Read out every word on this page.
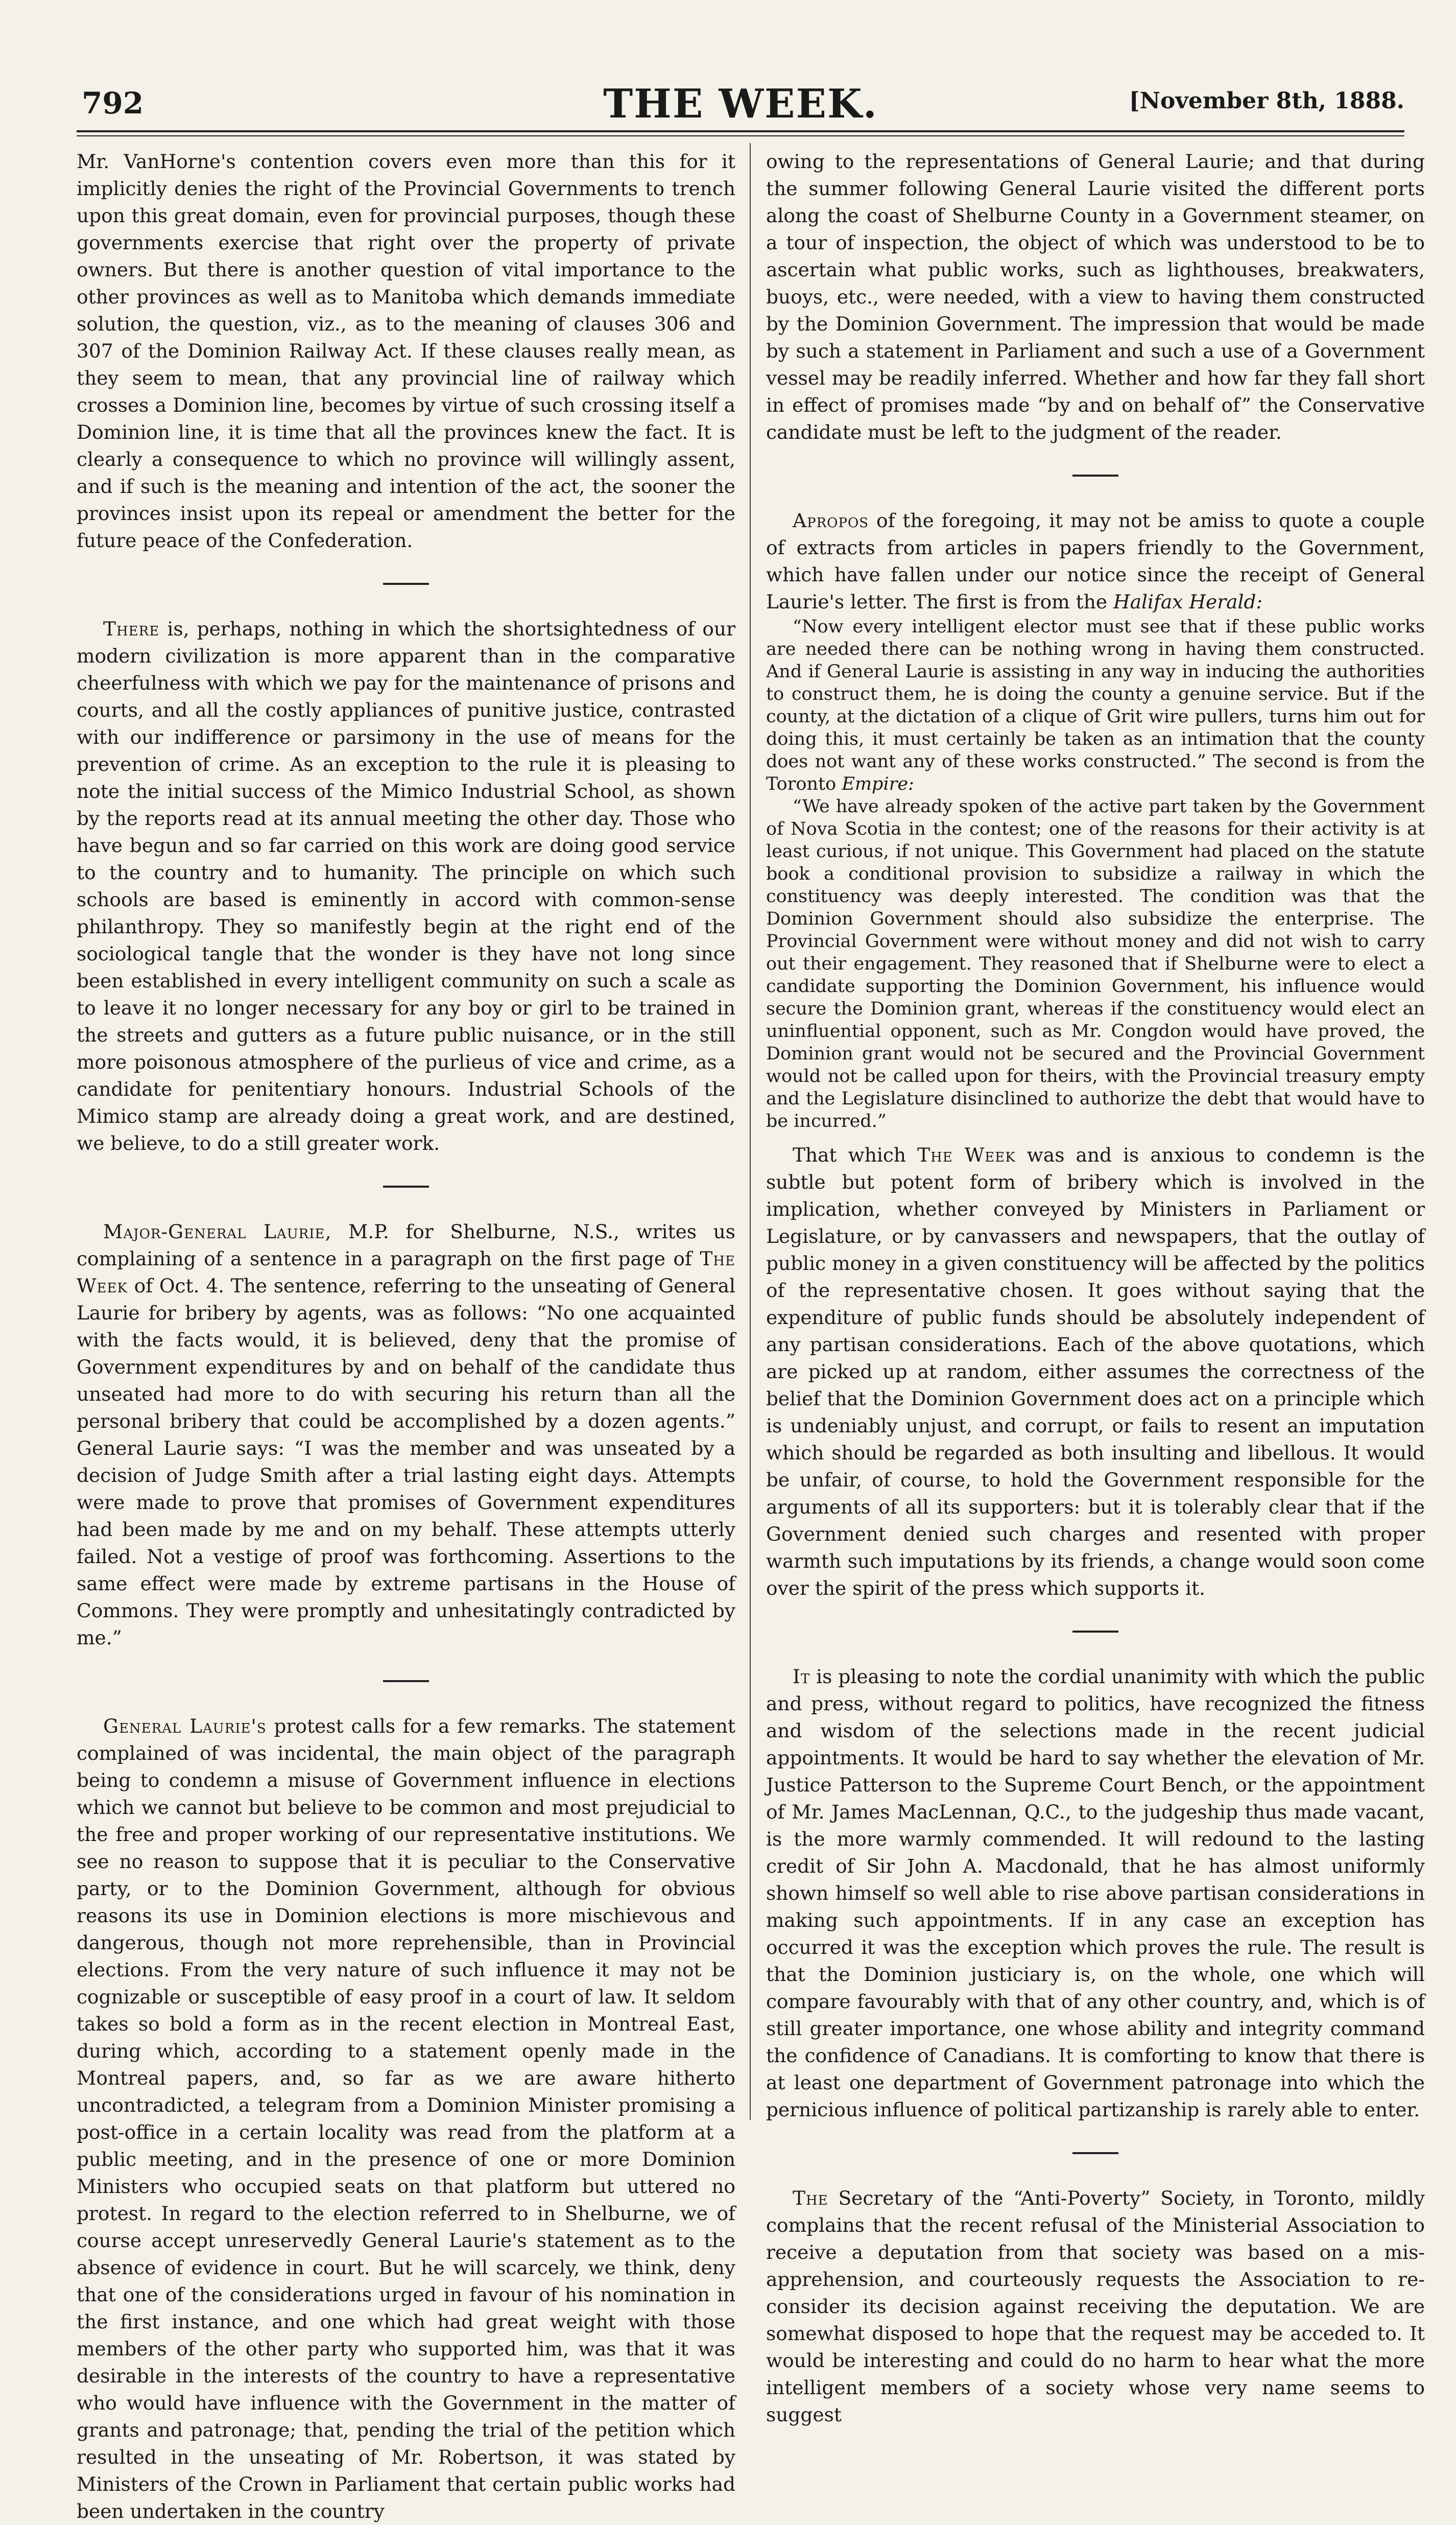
792	THE WEEK.	[November 8th, 1888.

Mr. VanHorne's contention covers even more than this for it implicitly denies the right of the Provincial Governments to trench upon this great domain, even for provincial purposes, though these governments exercise that right over the property of private owners. But there is another question of vital importance to the other provinces as well as to Manitoba which demands immediate solution, the question, viz., as to the meaning of clauses 306 and 307 of the Dominion Railway Act. If these clauses really mean, as they seem to mean, that any provincial line of railway which crosses a Dominion line, becomes by virtue of such crossing itself a Dominion line, it is time that all the provinces knew the fact. It is clearly a consequence to which no province will willingly assent, and if such is the meaning and intention of the act, the sooner the provinces insist upon its repeal or amendment the better for the future peace of the Confederation.

There is, perhaps, nothing in which the shortsightedness of our modern civilization is more apparent than in the comparative cheerfulness with which we pay for the maintenance of prisons and courts, and all the costly appliances of punitive justice, contrasted with our indifference or parsimony in the use of means for the prevention of crime. As an exception to the rule it is pleasing to note the initial success of the Mimico Industrial School, as shown by the reports read at its annual meeting the other day. Those who have begun and so far carried on this work are doing good service to the country and to humanity. The principle on which such schools are based is eminently in accord with common-sense philanthropy. They so manifestly begin at the right end of the sociological tangle that the wonder is they have not long since been established in every intelligent community on such a scale as to leave it no longer necessary for any boy or girl to be trained in the streets and gutters as a future public nuisance, or in the still more poisonous atmosphere of the purlieus of vice and crime, as a candidate for penitentiary honours. Industrial Schools of the Mimico stamp are already doing a great work, and are destined, we believe, to do a still greater work.

Major-General Laurie, M.P. for Shelburne, N.S., writes us complaining of a sentence in a paragraph on the first page of The Week of Oct. 4. The sentence, referring to the unseating of General Laurie for bribery by agents, was as follows: “No one acquainted with the facts would, it is believed, deny that the promise of Government expenditures by and on behalf of the candidate thus unseated had more to do with securing his return than all the personal bribery that could be accomplished by a dozen agents.” General Laurie says: “I was the member and was unseated by a decision of Judge Smith after a trial lasting eight days. Attempts were made to prove that promises of Government expenditures had been made by me and on my behalf. These attempts utterly failed. Not a vestige of proof was forthcoming. Assertions to the same effect were made by extreme partisans in the House of Commons. They were promptly and unhesitatingly contradicted by me.”

General Laurie's protest calls for a few remarks. The statement complained of was incidental, the main object of the paragraph being to condemn a misuse of Government influence in elections which we cannot but believe to be common and most prejudicial to the free and proper working of our representative institutions. We see no reason to suppose that it is peculiar to the Conservative party, or to the Dominion Government, although for obvious reasons its use in Dominion elections is more mischievous and dangerous, though not more reprehensible, than in Provincial elections. From the very nature of such influence it may not be cognizable or susceptible of easy proof in a court of law. It seldom takes so bold a form as in the recent election in Montreal East, during which, according to a statement openly made in the Montreal papers, and, so far as we are aware hitherto uncontradicted, a telegram from a Dominion Minister promising a post-office in a certain locality was read from the platform at a public meeting, and in the presence of one or more Dominion Ministers who occupied seats on that platform but uttered no protest. In regard to the election referred to in Shelburne, we of course accept unreservedly General Laurie's statement as to the absence of evidence in court. But he will scarcely, we think, deny that one of the considerations urged in favour of his nomination in the first instance, and one which had great weight with those members of the other party who supported him, was that it was desirable in the interests of the country to have a representative who would have influence with the Government in the matter of grants and patronage; that, pending the trial of the petition which resulted in the unseating of Mr. Robertson, it was stated by Ministers of the Crown in Parliament that certain public works had been undertaken in the country

owing to the representations of General Laurie; and that during the summer following General Laurie visited the different ports along the coast of Shelburne County in a Government steamer, on a tour of inspection, the object of which was understood to be to ascertain what public works, such as lighthouses, breakwaters, buoys, etc., were needed, with a view to having them constructed by the Dominion Government. The impression that would be made by such a statement in Parliament and such a use of a Government vessel may be readily inferred. Whether and how far they fall short in effect of promises made “by and on behalf of” the Conservative candidate must be left to the judgment of the reader.

Apropos of the foregoing, it may not be amiss to quote a couple of extracts from articles in papers friendly to the Government, which have fallen under our notice since the receipt of General Laurie's letter. The first is from the Halifax Herald:

“Now every intelligent elector must see that if these public works are needed there can be nothing wrong in having them constructed. And if General Laurie is assisting in any way in inducing the authorities to construct them, he is doing the county a genuine service. But if the county, at the dictation of a clique of Grit wire pullers, turns him out for doing this, it must certainly be taken as an intimation that the county does not want any of these works constructed.” The second is from the Toronto Empire:

“We have already spoken of the active part taken by the Government of Nova Scotia in the contest; one of the reasons for their activity is at least curious, if not unique. This Government had placed on the statute book a conditional provision to subsidize a railway in which the constituency was deeply interested. The condition was that the Dominion Government should also subsidize the enterprise. The Provincial Government were without money and did not wish to carry out their engagement. They reasoned that if Shelburne were to elect a candidate supporting the Dominion Government, his influence would secure the Dominion grant, whereas if the constituency would elect an uninfluential opponent, such as Mr. Congdon would have proved, the Dominion grant would not be secured and the Provincial Government would not be called upon for theirs, with the Provincial treasury empty and the Legislature disinclined to authorize the debt that would have to be incurred.”

That which The Week was and is anxious to condemn is the subtle but potent form of bribery which is involved in the implication, whether conveyed by Ministers in Parliament or Legislature, or by canvassers and newspapers, that the outlay of public money in a given constituency will be affected by the politics of the representative chosen. It goes without saying that the expenditure of public funds should be absolutely independent of any partisan considerations. Each of the above quotations, which are picked up at random, either assumes the correctness of the belief that the Dominion Government does act on a principle which is undeniably unjust, and corrupt, or fails to resent an imputation which should be regarded as both insulting and libellous. It would be unfair, of course, to hold the Government responsible for the arguments of all its supporters: but it is tolerably clear that if the Government denied such charges and resented with proper warmth such imputations by its friends, a change would soon come over the spirit of the press which supports it.

It is pleasing to note the cordial unanimity with which the public and press, without regard to politics, have recognized the fitness and wisdom of the selections made in the recent judicial appointments. It would be hard to say whether the elevation of Mr. Justice Patterson to the Supreme Court Bench, or the appointment of Mr. James MacLennan, Q.C., to the judgeship thus made vacant, is the more warmly commended. It will redound to the lasting credit of Sir John A. Macdonald, that he has almost uniformly shown himself so well able to rise above partisan considerations in making such appointments. If in any case an exception has occurred it was the exception which proves the rule. The result is that the Dominion justiciary is, on the whole, one which will compare favourably with that of any other country, and, which is of still greater importance, one whose ability and integrity command the confidence of Canadians. It is comforting to know that there is at least one department of Government patronage into which the pernicious influence of political partizanship is rarely able to enter.

The Secretary of the “Anti-Poverty” Society, in Toronto, mildly complains that the recent refusal of the Ministerial Association to receive a deputation from that society was based on a mis-apprehension, and courteously requests the Association to re-consider its decision against receiving the deputation. We are somewhat disposed to hope that the request may be acceded to. It would be interesting and could do no harm to hear what the more intelligent members of a society whose very name seems to suggest
